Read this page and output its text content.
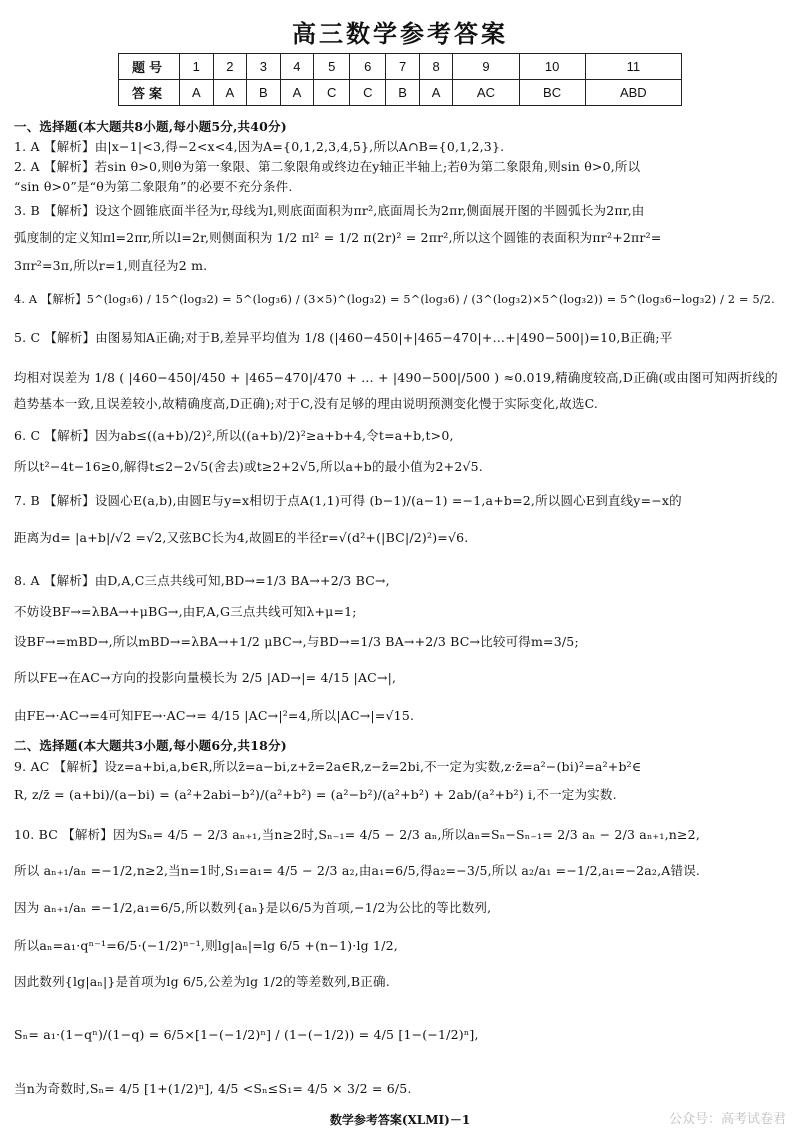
高三数学参考答案
题号	1	2	3	4	5	6	7	8	9	10	11
答案	A	A	B	A	C	C	B	A	AC	BC	ABD
一、选择题(本大题共8小题,每小题5分,共40分)
1. A 【解析】由|x−1|<3,得−2<x<4,因为A={0,1,2,3,4,5},所以A∩B={0,1,2,3}.
2. A 【解析】若sin θ>0,则θ为第一象限、第二象限角或终边在y轴正半轴上;若θ为第二象限角,则sin θ>0,所以
“sin θ>0”是“θ为第二象限角”的必要不充分条件.
3. B 【解析】设这个圆锥底面半径为r,母线为l,则底面面积为πr²,底面周长为2πr,侧面展开图的半圆弧长为2πr,由
弧度制的定义知πl=2πr,所以l=2r,则侧面积为 1/2 πl² = 1/2 π(2r)² = 2πr²,所以这个圆锥的表面积为πr²+2πr²=
3πr²=3π,所以r=1,则直径为2 m.
4. A 【解析】5^(log₃6) / 15^(log₃2) = 5^(log₃6) / (3×5)^(log₃2) = 5^(log₃6) / (3^(log₃2)×5^(log₃2)) = 5^(log₃6−log₃2) / 2 = 5/2.
5. C 【解析】由图易知A正确;对于B,差异平均值为 1/8 (|460−450|+|465−470|+…+|490−500|)=10,B正确;平
均相对误差为 1/8 ( |460−450|/450 + |465−470|/470 + … + |490−500|/500 ) ≈0.019,精确度较高,D正确(或由图可知两折线的
趋势基本一致,且误差较小,故精确度高,D正确);对于C,没有足够的理由说明预测变化慢于实际变化,故选C.
6. C 【解析】因为ab≤((a+b)/2)²,所以((a+b)/2)²≥a+b+4,令t=a+b,t>0,
所以t²−4t−16≥0,解得t≤2−2√5(舍去)或t≥2+2√5,所以a+b的最小值为2+2√5.
7. B 【解析】设圆心E(a,b),由圆E与y=x相切于点A(1,1)可得 (b−1)/(a−1) =−1,a+b=2,所以圆心E到直线y=−x的
距离为d= |a+b|/√2 =√2,又弦BC长为4,故圆E的半径r=√(d²+(|BC|/2)²)=√6.
8. A 【解析】由D,A,C三点共线可知,BD→=1/3 BA→+2/3 BC→,
不妨设BF→=λBA→+μBG→,由F,A,G三点共线可知λ+μ=1;
设BF→=mBD→,所以mBD→=λBA→+1/2 μBC→,与BD→=1/3 BA→+2/3 BC→比较可得m=3/5;
所以FE→在AC→方向的投影向量模长为 2/5 |AD→|= 4/15 |AC→|,
由FE→·AC→=4可知FE→·AC→= 4/15 |AC→|²=4,所以|AC→|=√15.
二、选择题(本大题共3小题,每小题6分,共18分)
9. AC 【解析】设z=a+bi,a,b∈R,所以z̄=a−bi,z+z̄=2a∈R,z−z̄=2bi,不一定为实数,z·z̄=a²−(bi)²=a²+b²∈
R, z/z̄ = (a+bi)/(a−bi) = (a²+2abi−b²)/(a²+b²) = (a²−b²)/(a²+b²) + 2ab/(a²+b²) i,不一定为实数.
10. BC 【解析】因为Sₙ= 4/5 − 2/3 aₙ₊₁,当n≥2时,Sₙ₋₁= 4/5 − 2/3 aₙ,所以aₙ=Sₙ−Sₙ₋₁= 2/3 aₙ − 2/3 aₙ₊₁,n≥2,
所以 aₙ₊₁/aₙ =−1/2,n≥2,当n=1时,S₁=a₁= 4/5 − 2/3 a₂,由a₁=6/5,得a₂=−3/5,所以 a₂/a₁ =−1/2,a₁=−2a₂,A错误.
因为 aₙ₊₁/aₙ =−1/2,a₁=6/5,所以数列{aₙ}是以6/5为首项,−1/2为公比的等比数列,
所以aₙ=a₁·qⁿ⁻¹=6/5·(−1/2)ⁿ⁻¹,则lg|aₙ|=lg 6/5 +(n−1)·lg 1/2,
因此数列{lg|aₙ|}是首项为lg 6/5,公差为lg 1/2的等差数列,B正确.
Sₙ= a₁·(1−qⁿ)/(1−q) = 6/5×[1−(−1/2)ⁿ] / (1−(−1/2)) = 4/5 [1−(−1/2)ⁿ],
当n为奇数时,Sₙ= 4/5 [1+(1/2)ⁿ], 4/5 <Sₙ≤S₁= 4/5 × 3/2 = 6/5.
数学参考答案(XLMI)－1	公众号：高考试卷君
